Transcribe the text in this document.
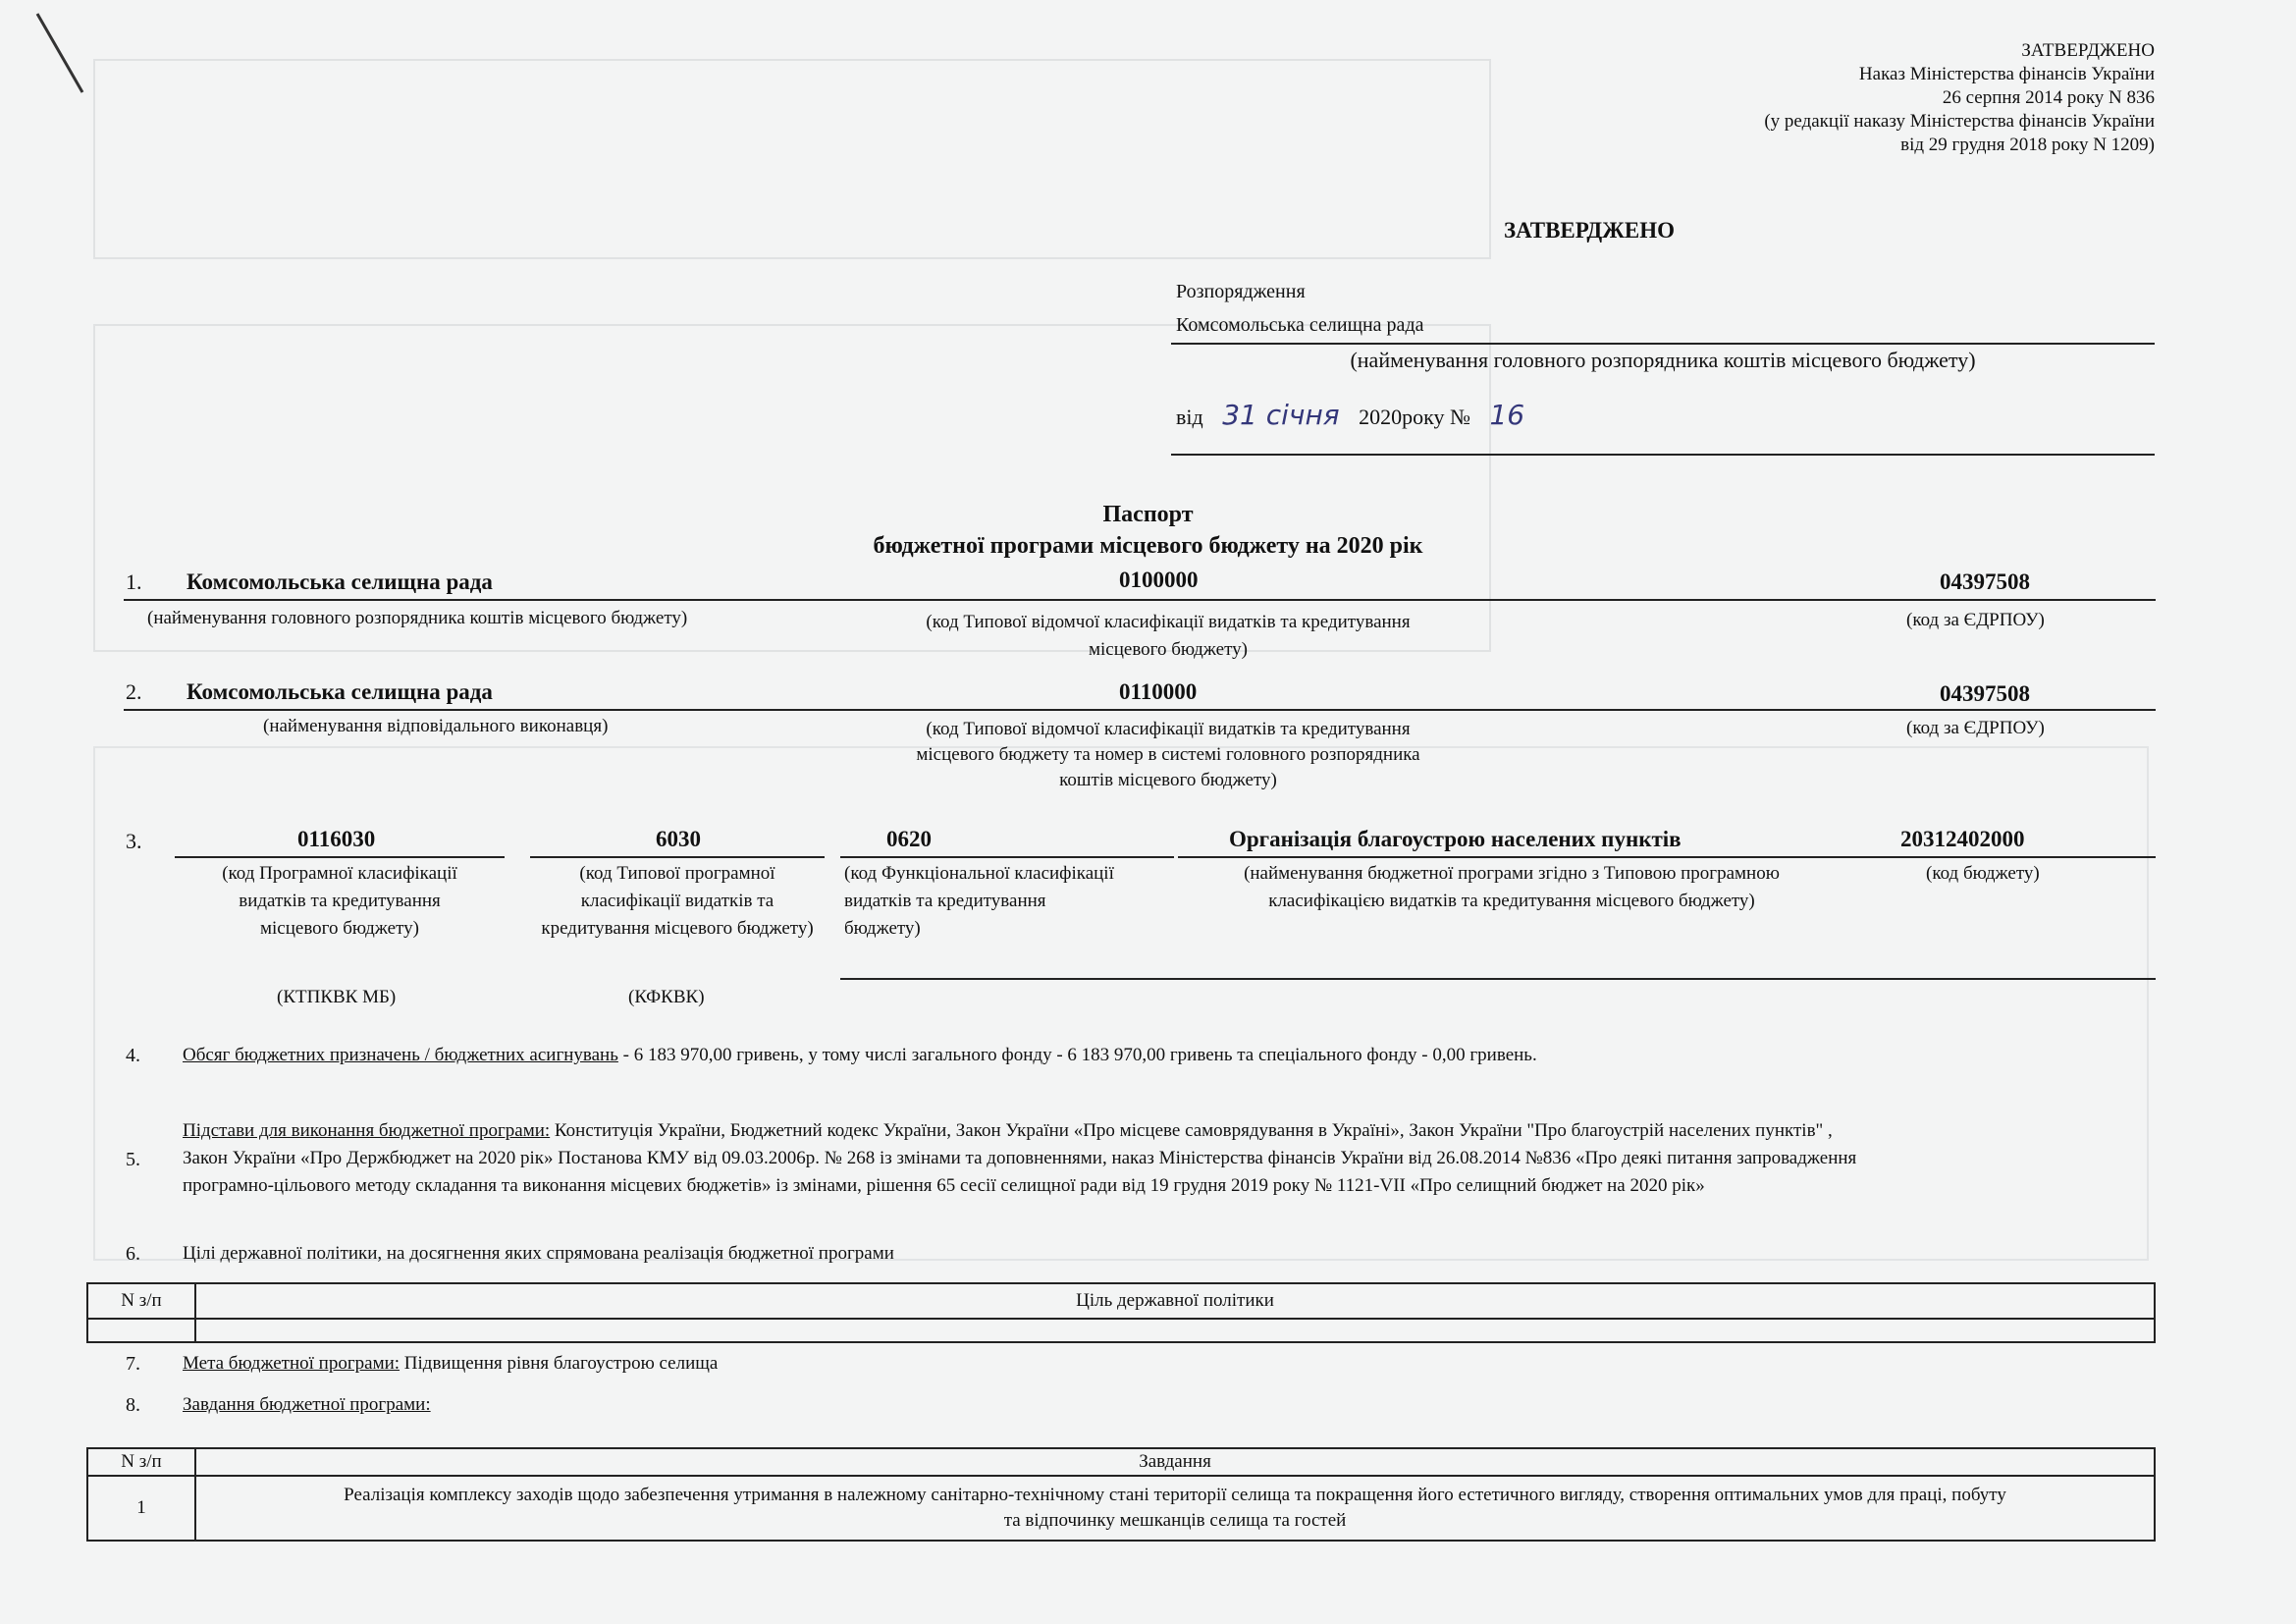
ЗАТВЕРДЖЕНО
Наказ Міністерства фінансів України
26 серпня 2014 року N 836
(у редакції наказу Міністерства фінансів України
від 29 грудня 2018 року N 1209)
ЗАТВЕРДЖЕНО
Розпорядження
Комсомольська селищна рада
(найменування головного розпорядника коштів місцевого бюджету)
від 31 січня 2020року № 16
Паспорт
бюджетної програми місцевого бюджету на 2020 рік
1. Комсомольська селищна рада	0100000	04397508
(найменування головного розпорядника коштів місцевого бюджету)	(код Типової відомчої класифікації видатків та кредитування
місцевого бюджету)
(код за ЄДРПОУ)
2. Комсомольська селищна рада	0110000	04397508
(найменування відповідального виконавця)	(код Типової відомчої класифікації видатків та кредитування
місцевого бюджету та номер в системі головного розпорядника
коштів місцевого бюджету)
(код за ЄДРПОУ)
3.	0116030	6030	0620	Організація благоустрою населених пунктів	20312402000
(код Програмної класифікації
видатків та кредитування
місцевого бюджету)
(код Типової програмної
класифікації видатків та
кредитування місцевого бюджету)
(код Функціональної класифікації
видатків та кредитування
бюджету)
(найменування бюджетної програми згідно з Типовою програмною
класифікацією видатків та кредитування місцевого бюджету)
(код бюджету)
(КТПКВК МБ)	(КФКВК)
4. Обсяг бюджетних призначень / бюджетних асигнувань - 6 183 970,00 гривень, у тому числі загального фонду - 6 183 970,00 гривень та спеціального фонду - 0,00 гривень.
5.
Підстави для виконання бюджетної програми: Конституція України, Бюджетний кодекс України, Закон України «Про місцеве самоврядування в Україні», Закон України "Про благоустрій населених пунктів" ,
Закон України «Про Держбюджет на 2020 рік» Постанова КМУ від 09.03.2006р. № 268 із змінами та доповненнями, наказ Міністерства фінансів України від 26.08.2014 №836 «Про деякі питання запровадження
програмно-цільового методу складання та виконання місцевих бюджетів» із змінами, рішення 65 сесії селищної ради від 19 грудня 2019 року № 1121-VІІ «Про селищний бюджет на 2020 рік»
6. Цілі державної політики, на досягнення яких спрямована реалізація бюджетної програми
N з/п	Ціль державної політики

7. Мета бюджетної програми: Підвищення рівня благоустрою селища
8. Завдання бюджетної програми:
N з/п	Завдання
1	Реалізація комплексу заходів щодо забезпечення утримання в належному санітарно-технічному стані території селища та покращення його естетичного вигляду, створення оптимальних умов для праці, побуту
та відпочинку мешканців селища та гостей
